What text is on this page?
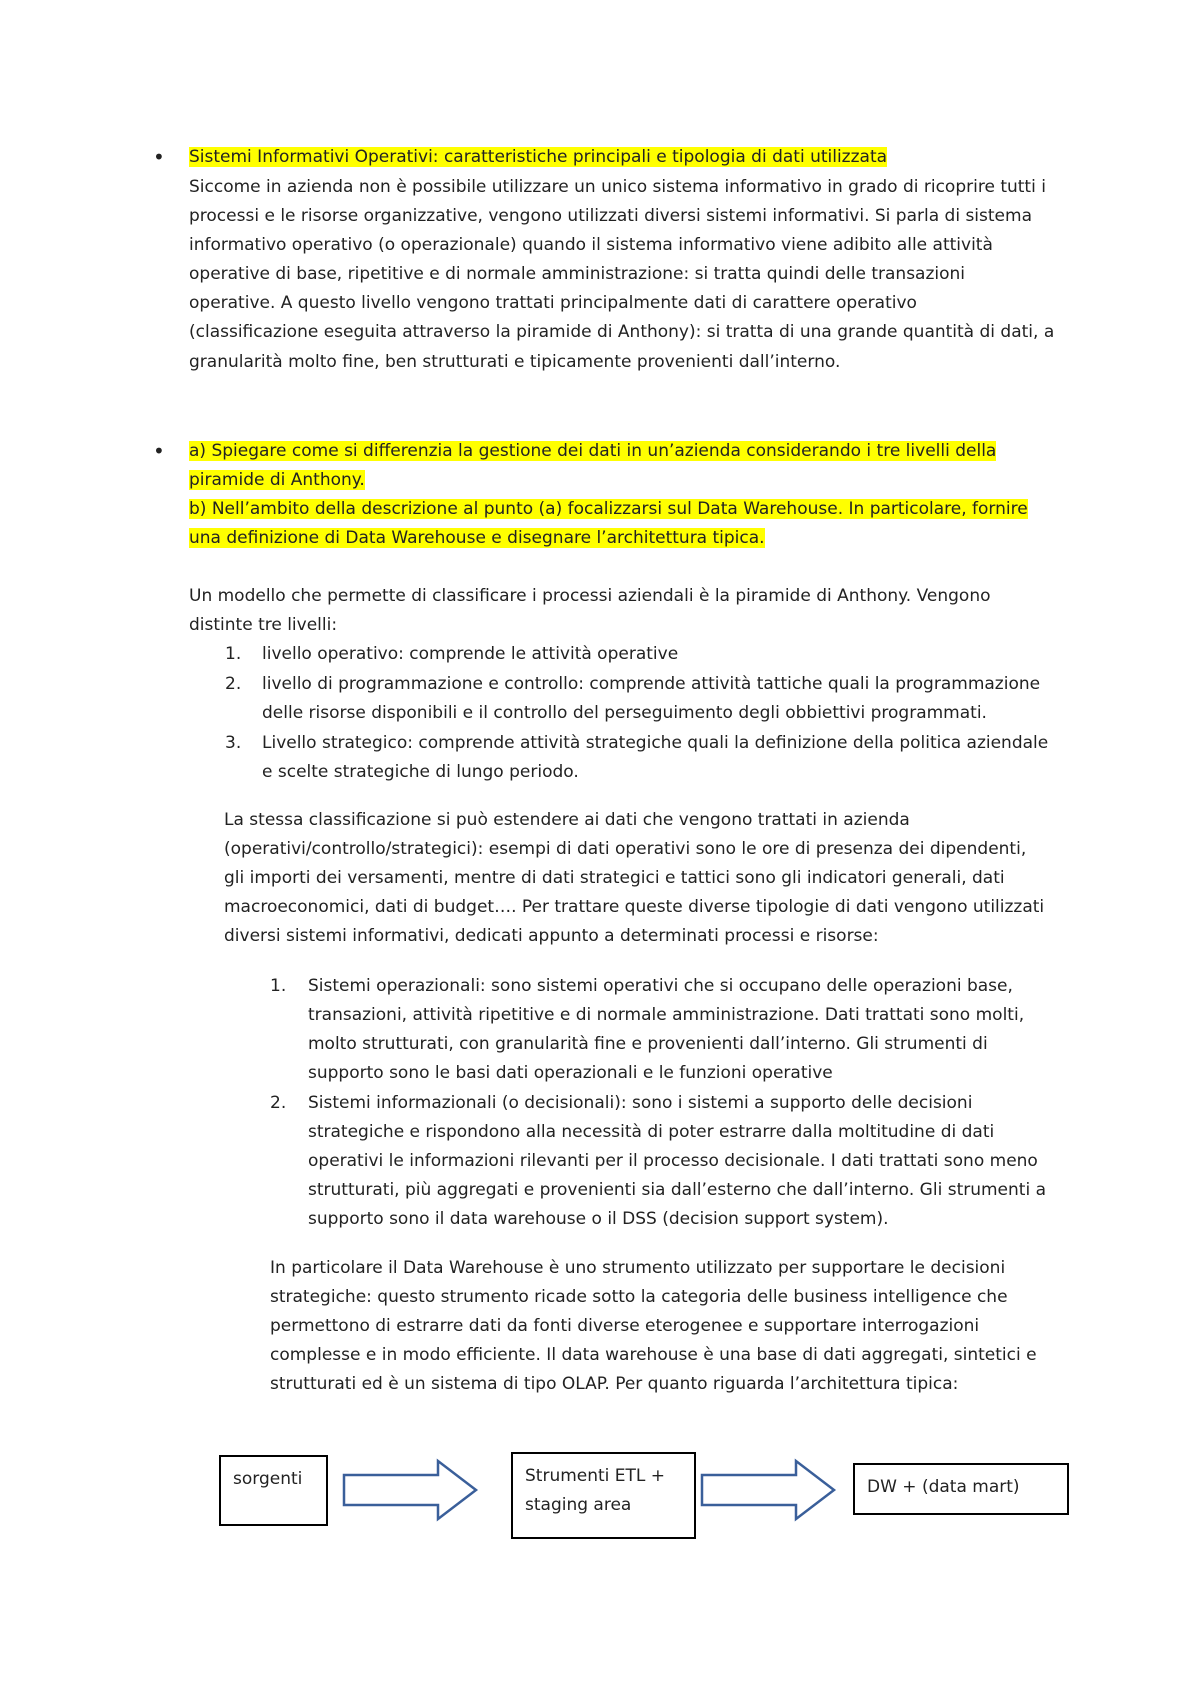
• Sistemi Informativi Operativi: caratteristiche principali e tipologia di dati utilizzata
Siccome in azienda non è possibile utilizzare un unico sistema informativo in grado di ricoprire tutti i
processi e le risorse organizzative, vengono utilizzati diversi sistemi informativi. Si parla di sistema
informativo operativo (o operazionale) quando il sistema informativo viene adibito alle attività
operative di base, ripetitive e di normale amministrazione: si tratta quindi delle transazioni
operative. A questo livello vengono trattati principalmente dati di carattere operativo
(classificazione eseguita attraverso la piramide di Anthony): si tratta di una grande quantità di dati, a
granularità molto fine, ben strutturati e tipicamente provenienti dall’interno.
• a) Spiegare come si differenzia la gestione dei dati in un’azienda considerando i tre livelli della
piramide di Anthony.
b) Nell’ambito della descrizione al punto (a) focalizzarsi sul Data Warehouse. In particolare, fornire
una definizione di Data Warehouse e disegnare l’architettura tipica.
Un modello che permette di classificare i processi aziendali è la piramide di Anthony. Vengono
distinte tre livelli:
1. livello operativo: comprende le attività operative
2. livello di programmazione e controllo: comprende attività tattiche quali la programmazione
delle risorse disponibili e il controllo del perseguimento degli obbiettivi programmati.
3. Livello strategico: comprende attività strategiche quali la definizione della politica aziendale
e scelte strategiche di lungo periodo.
La stessa classificazione si può estendere ai dati che vengono trattati in azienda
(operativi/controllo/strategici): esempi di dati operativi sono le ore di presenza dei dipendenti,
gli importi dei versamenti, mentre di dati strategici e tattici sono gli indicatori generali, dati
macroeconomici, dati di budget…. Per trattare queste diverse tipologie di dati vengono utilizzati
diversi sistemi informativi, dedicati appunto a determinati processi e risorse:
1. Sistemi operazionali: sono sistemi operativi che si occupano delle operazioni base,
transazioni, attività ripetitive e di normale amministrazione. Dati trattati sono molti,
molto strutturati, con granularità fine e provenienti dall’interno. Gli strumenti di
supporto sono le basi dati operazionali e le funzioni operative
2. Sistemi informazionali (o decisionali): sono i sistemi a supporto delle decisioni
strategiche e rispondono alla necessità di poter estrarre dalla moltitudine di dati
operativi le informazioni rilevanti per il processo decisionale. I dati trattati sono meno
strutturati, più aggregati e provenienti sia dall’esterno che dall’interno. Gli strumenti a
supporto sono il data warehouse o il DSS (decision support system).
In particolare il Data Warehouse è uno strumento utilizzato per supportare le decisioni
strategiche: questo strumento ricade sotto la categoria delle business intelligence che
permettono di estrarre dati da fonti diverse eterogenee e supportare interrogazioni
complesse e in modo efficiente. Il data warehouse è una base di dati aggregati, sintetici e
strutturati ed è un sistema di tipo OLAP. Per quanto riguarda l’architettura tipica:
sorgenti	Strumenti ETL +
staging area
DW + (data mart)
